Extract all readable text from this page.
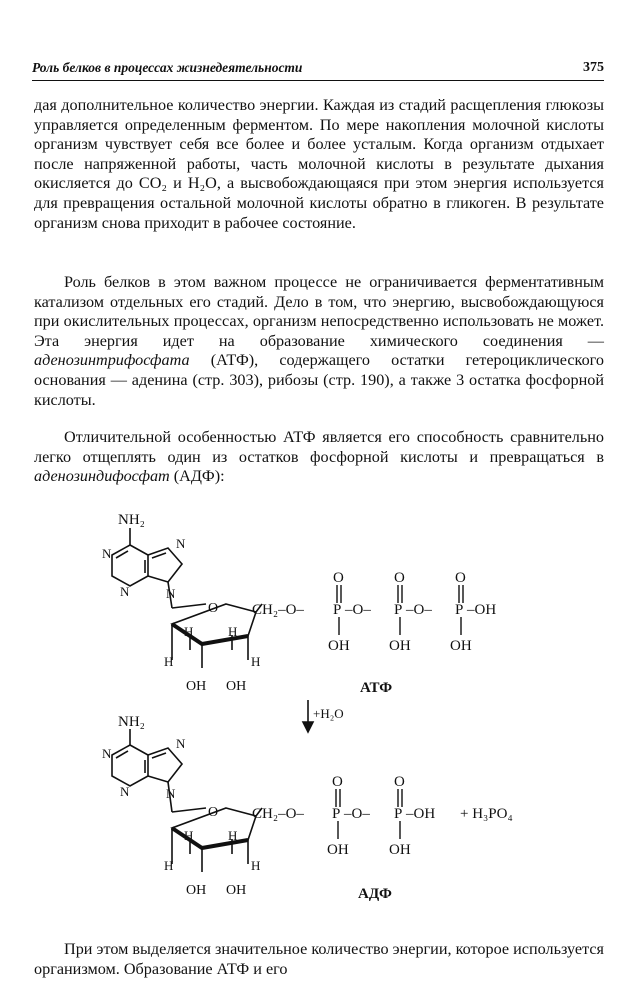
Роль белков в процессах жизнедеятельности	375

дая дополнительное количество энергии. Каждая из стадий расщепления глюкозы управляется определенным ферментом. По мере накопления молочной кислоты организм чувствует себя все более и более усталым. Когда организм отдыхает после напряженной работы, часть молочной кислоты в результате дыхания окисляется до CO₂ и H₂O, а высвобождающаяся при этом энергия используется для превращения остальной молочной кислоты обратно в гликоген. В результате организм снова приходит в рабочее состояние.

Роль белков в этом важном процессе не ограничивается ферментативным катализом отдельных его стадий. Дело в том, что энергию, высвобождающуюся при окислительных процессах, организм непосредственно использовать не может. Эта энергия идет на образование химического соединения — аденозинтрифосфата (АТФ), содержащего остатки гетероциклического основания — аденина (стр. 303), рибозы (стр. 190), а также 3 остатка фосфорной кислоты.

Отличительной особенностью АТФ является его способность сравнительно легко отщеплять один из остатков фосфорной кислоты и превращаться в аденозиндифосфат (АДФ):

NH₂
N
N
N
N
O
H	H
H	H
OH OH
CH₂–O– P –O– P –O– P –OH
O	O	O
OH	OH	OH
АТФ
+H₂O
NH₂
N
N
N
N
O
H	H
H	H
OH OH
CH₂–O– P –O– P –OH + H₃PO₄
O	O
OH	OH
АДФ

При этом выделяется значительное количество энергии, которое используется организмом. Образование АТФ и его
